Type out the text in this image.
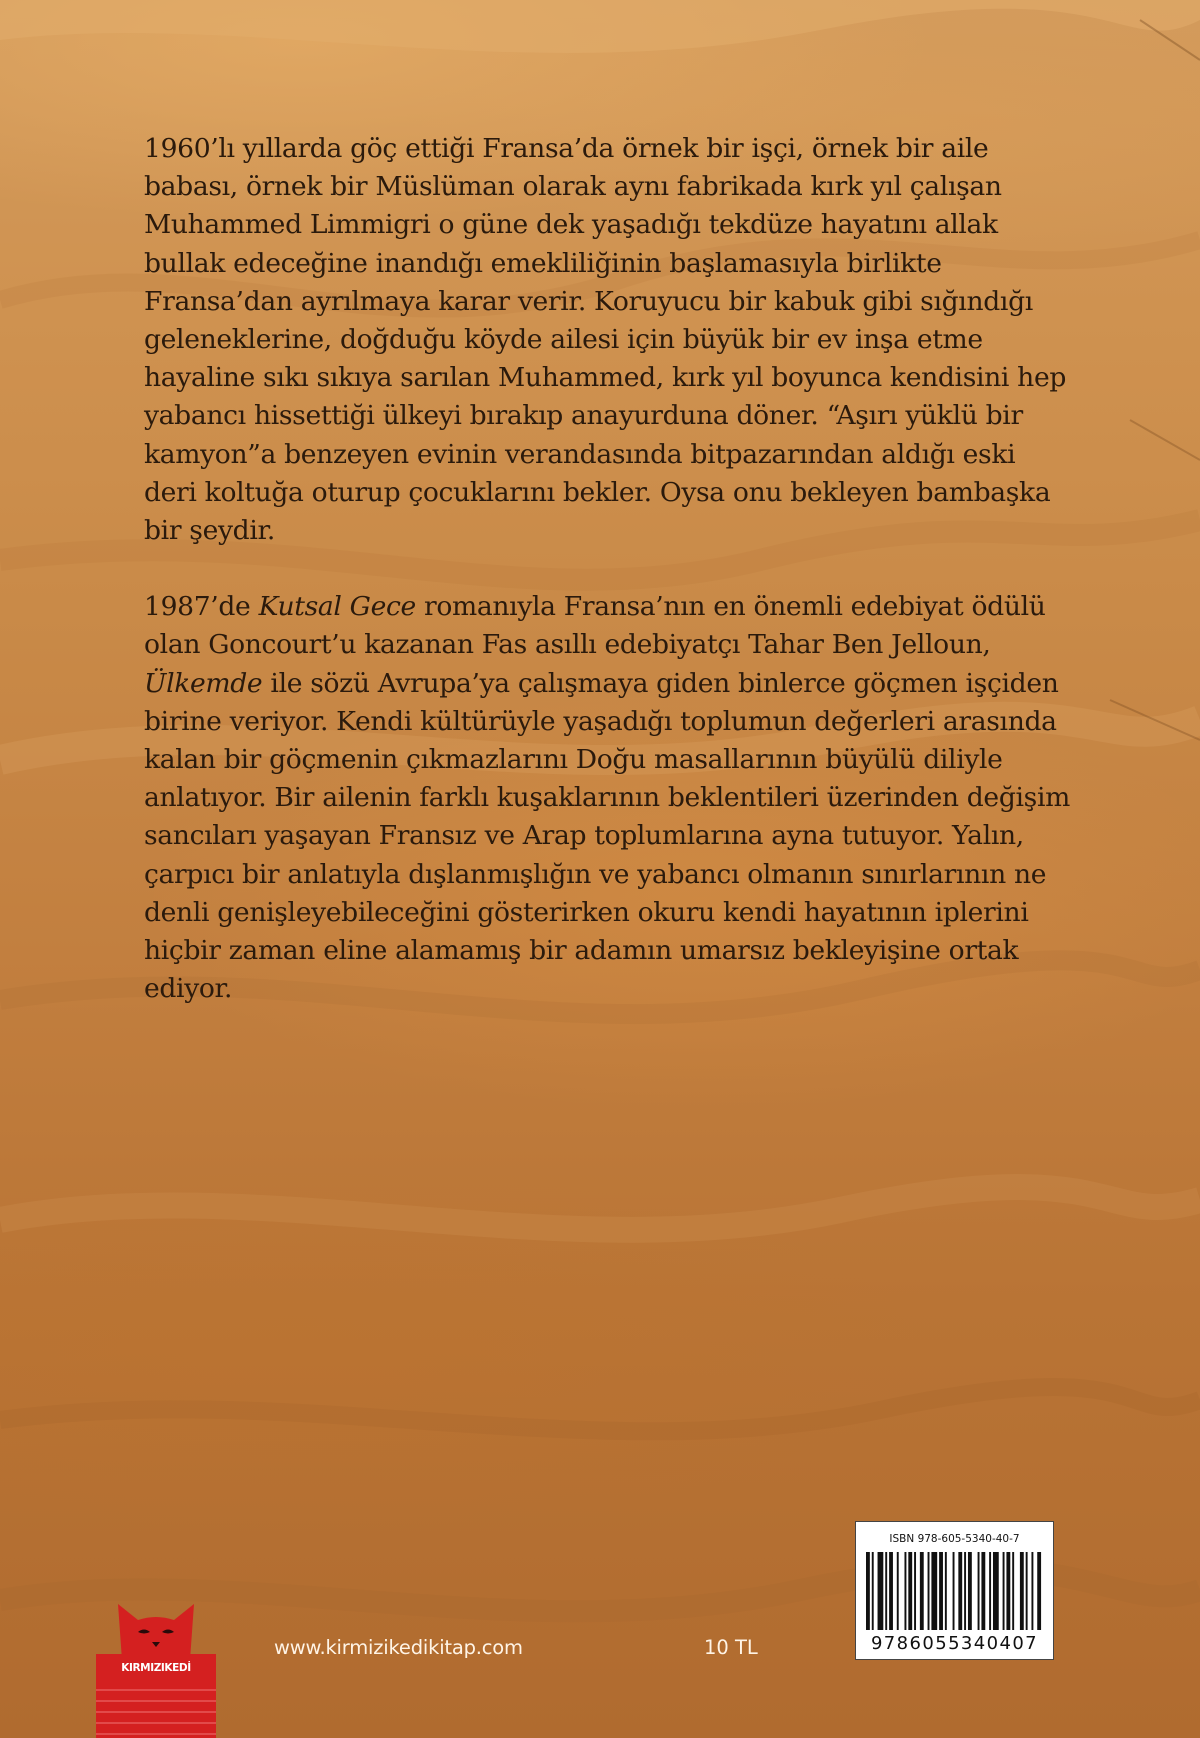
1960’lı yıllarda göç ettiği Fransa’da örnek bir işçi, örnek bir aile babası, örnek bir Müslüman olarak aynı fabrikada kırk yıl çalışan Muhammed Limmigri o güne dek yaşadığı tekdüze hayatını allak bullak edeceğine inandığı emekliliğinin başlamasıyla birlikte Fransa’dan ayrılmaya karar verir. Koruyucu bir kabuk gibi sığındığı geleneklerine, doğduğu köyde ailesi için büyük bir ev inşa etme hayaline sıkı sıkıya sarılan Muhammed, kırk yıl boyunca kendisini hep yabancı hissettiği ülkeyi bırakıp anayurduna döner. “Aşırı yüklü bir kamyon”a benzeyen evinin verandasında bitpazarından aldığı eski deri koltuğa oturup çocuklarını bekler. Oysa onu bekleyen bambaşka bir şeydir.

1987’de Kutsal Gece romanıyla Fransa’nın en önemli edebiyat ödülü olan Goncourt’u kazanan Fas asıllı edebiyatçı Tahar Ben Jelloun, Ülkemde ile sözü Avrupa’ya çalışmaya giden binlerce göçmen işçiden birine veriyor. Kendi kültürüyle yaşadığı toplumun değerleri arasında kalan bir göçmenin çıkmazlarını Doğu masallarının büyülü diliyle anlatıyor. Bir ailenin farklı kuşaklarının beklentileri üzerinden değişim sancıları yaşayan Fransız ve Arap toplumlarına ayna tutuyor. Yalın, çarpıcı bir anlatıyla dışlanmışlığın ve yabancı olmanın sınırlarının ne denli genişleyebileceğini gösterirken okuru kendi hayatının iplerini hiçbir zaman eline alamamış bir adamın umarsız bekleyişine ortak ediyor.

KIRMIZIKEDİ
www.kirmizikedikitap.com	10 TL
ISBN 978-605-5340-40-7
9786055340407
